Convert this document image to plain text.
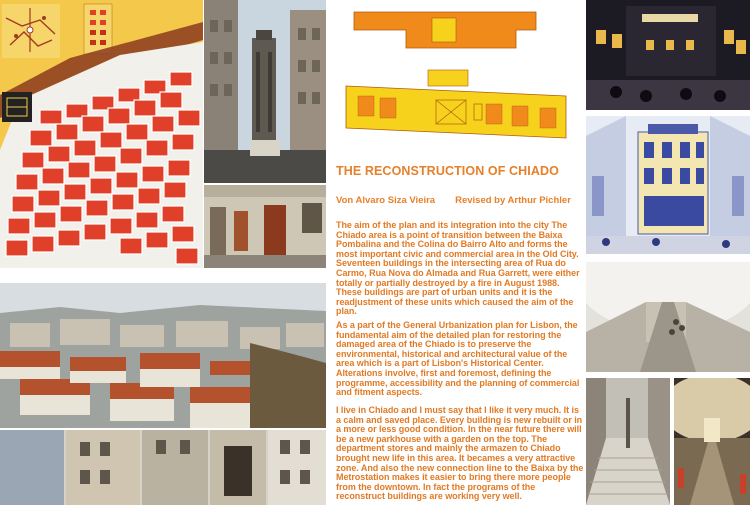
THE RECONSTRUCTION OF CHIADO
Von Alvaro Siza Vieira Revised by Arthur Pichler
The aim of the plan and its integration into the city The Chiado area is a point of transition between the Baixa Pombalina and the Colina do Bairro Alto and forms the most important civic and commercial area in the Old City. Seventeen buildings in the intersecting area of Rua do Carmo, Rua Nova do Almada and Rua Garrett, were either totally or partially destroyed by a fire in August 1988. These buildings are part of urban units and it is the readjustment of these units which caused the aim of the plan.
As a part of the General Urbanization plan for Lisbon, the fundamental aim of the detailed plan for restoring the damaged area of the Chiado is to preserve the environmental, historical and architectural value of the area which is a part of Lisbon's Historical Center. Alterations involve, first and foremost, defining the programme, accessibility and the planning of commercial and fitment aspects.
I live in Chiado and I must say that I like it very much. It is a calm and saved place. Every building is new rebuilt or in a more or less good condition. In the near future there will be a new parkhouse with a garden on the top. The department stores and mainly the armazen to Chiado brought new life in this area. It becames a very attractive zone. And also the new connection line to the Baixa by the Metrostation makes it easier to bring there more people from the downtown. In fact the programs of the reconstruct buildings are working very well.
